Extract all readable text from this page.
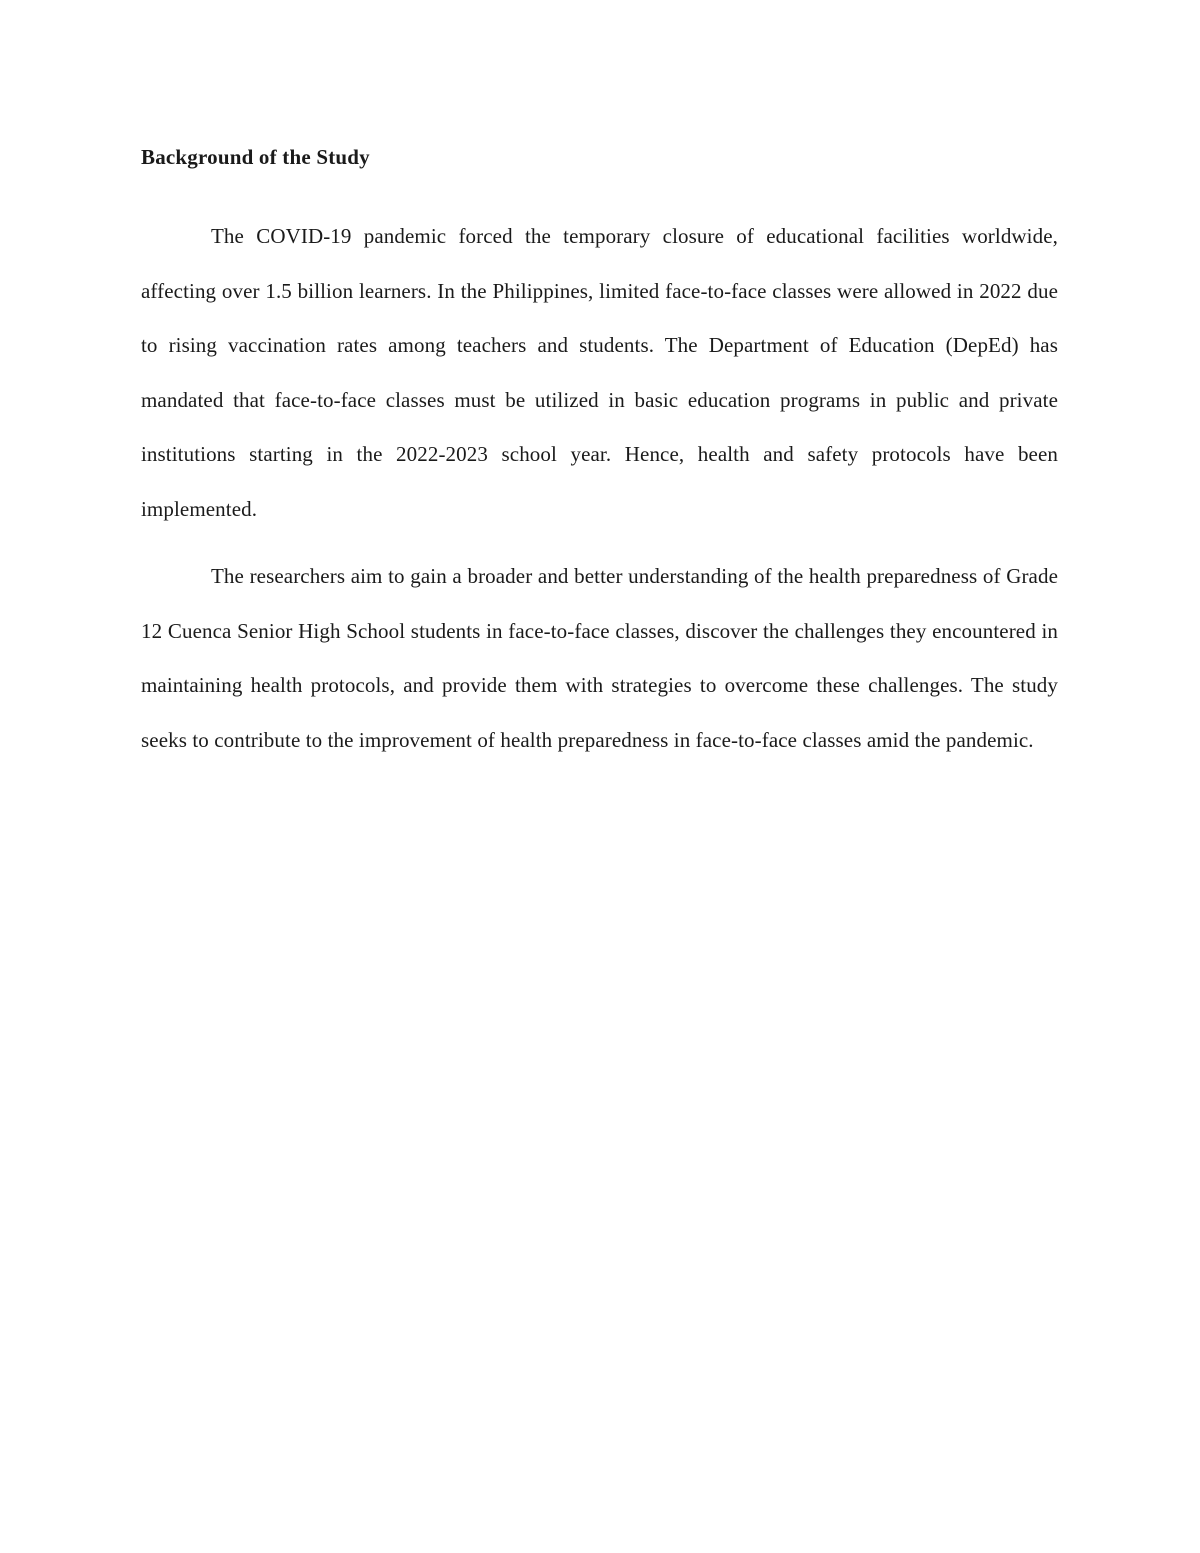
Background of the Study

The COVID-19 pandemic forced the temporary closure of educational facilities worldwide, affecting over 1.5 billion learners. In the Philippines, limited face-to-face classes were allowed in 2022 due to rising vaccination rates among teachers and students. The Department of Education (DepEd) has mandated that face-to-face classes must be utilized in basic education programs in public and private institutions starting in the 2022-2023 school year. Hence, health and safety protocols have been implemented.

The researchers aim to gain a broader and better understanding of the health preparedness of Grade 12 Cuenca Senior High School students in face-to-face classes, discover the challenges they encountered in maintaining health protocols, and provide them with strategies to overcome these challenges. The study seeks to contribute to the improvement of health preparedness in face-to-face classes amid the pandemic.
